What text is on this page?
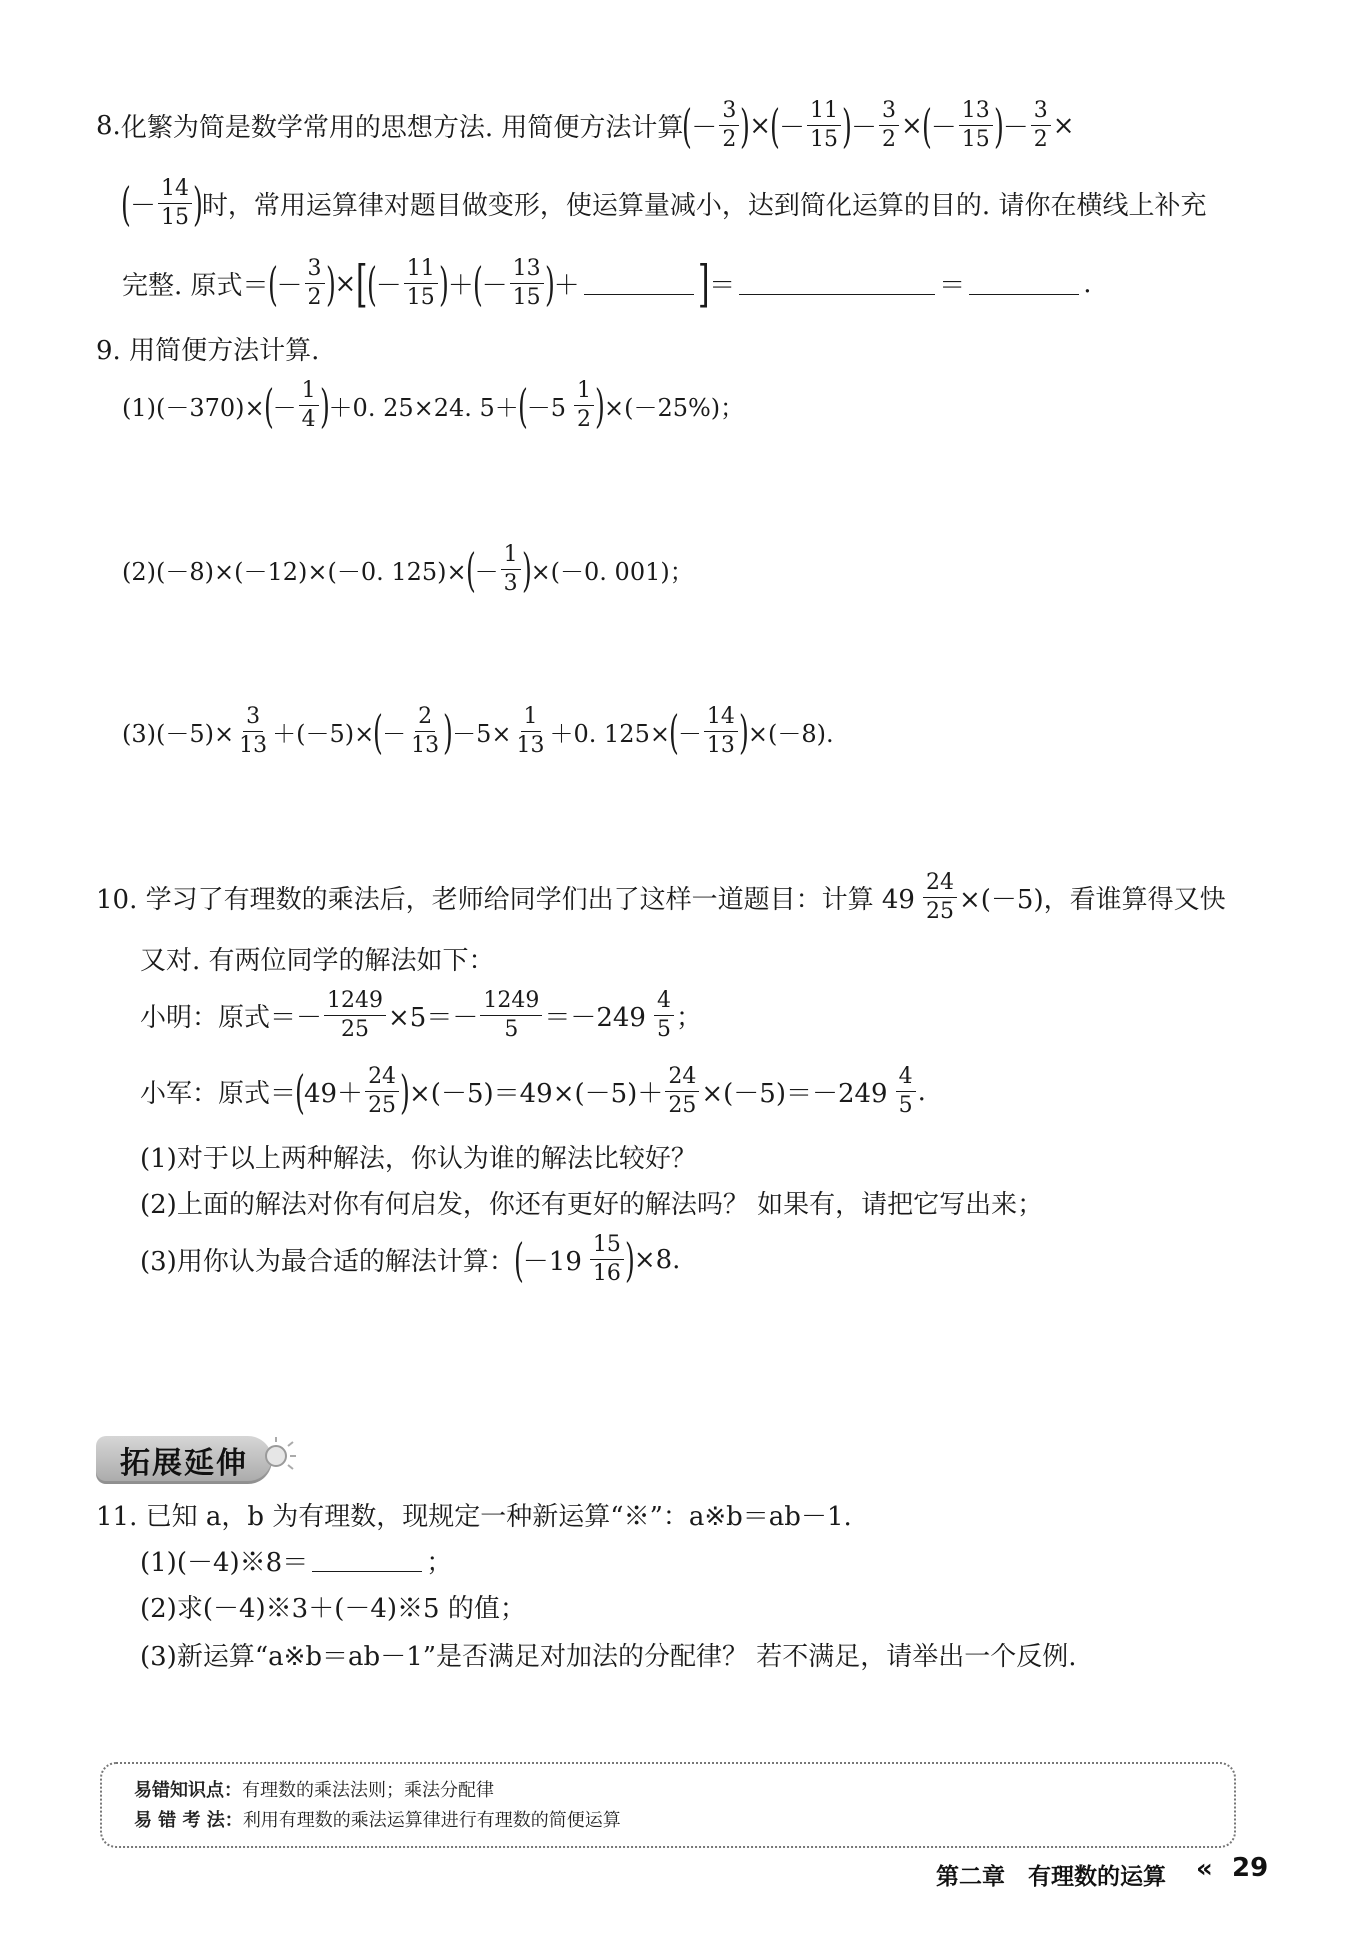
8. 化繁为简是数学常用的思想方法. 用简便方法计算 ( － $\frac{3}{2}$ ) × ( － $\frac{11}{15}$ ) － $\frac{3}{2}$ × ( － $\frac{13}{15}$ ) － $\frac{3}{2}$ ×
( － $\frac{14}{15}$ ) 时，常用运算律对题目做变形，使运算量减小，达到简化运算的目的. 请你在横线上补充
完整. 原式＝ ( － $\frac{3}{2}$ ) × [
( － $\frac{11}{15}$ ) ＋ ( － $\frac{13}{15}$ ) ＋ ] ＝	＝	.
9. 用简便方法计算.
(1)(－370)× ( － $\frac{1}{4}$ ) ＋0. 25×24. 5＋ ( $-5 \frac{1}{2}$ ) ×(－25%)；
(2)(－8)×(－12)×(－0. 125)× ( － $\frac{1}{3}$ ) ×(－0. 001)；
$(3)(-5)\times \frac{3}{13} +(-5)\times$ ( － $\frac{2}{13}$ ) $-5\times \frac{1}{13} +0$. 125× ( － $\frac{14}{13}$ ) ×(－8).
10. 学习了有理数的乘法后，老师给同学们出了这样一道题目：计算 $49 \frac{24}{25} \times(-5)$，看谁算得又快
又对. 有两位同学的解法如下：
小明：原式＝－ $\frac{1249}{25} \times 5=- \frac{1249}{5} =-249 \frac{4}{5}$ ；
小军：原式＝ ( $49+ \frac{24}{25}$ ) $\times(-5)=49\times(-5)+ \frac{24}{25} \times(-5)=-249 \frac{4}{5}$ .
(1)对于以上两种解法，你认为谁的解法比较好？
(2)上面的解法对你有何启发，你还有更好的解法吗？ 如果有，请把它写出来；
(3)用你认为最合适的解法计算： ( $-19 \frac{15}{16}$ ) ×8.
拓展延伸
11. 已知 a，b 为有理数，现规定一种新运算“※”：a※b＝ab－1.
(1)(－4)※8＝	；
(2)求(－4)※3＋(－4)※5 的值；
(3)新运算“a※b＝ab－1”是否满足对加法的分配律？ 若不满足，请举出一个反例.
易错知识点：有理数的乘法法则；乘法分配律
易 错 考 法：利用有理数的乘法运算律进行有理数的简便运算
第二章　有理数的运算 « 29
